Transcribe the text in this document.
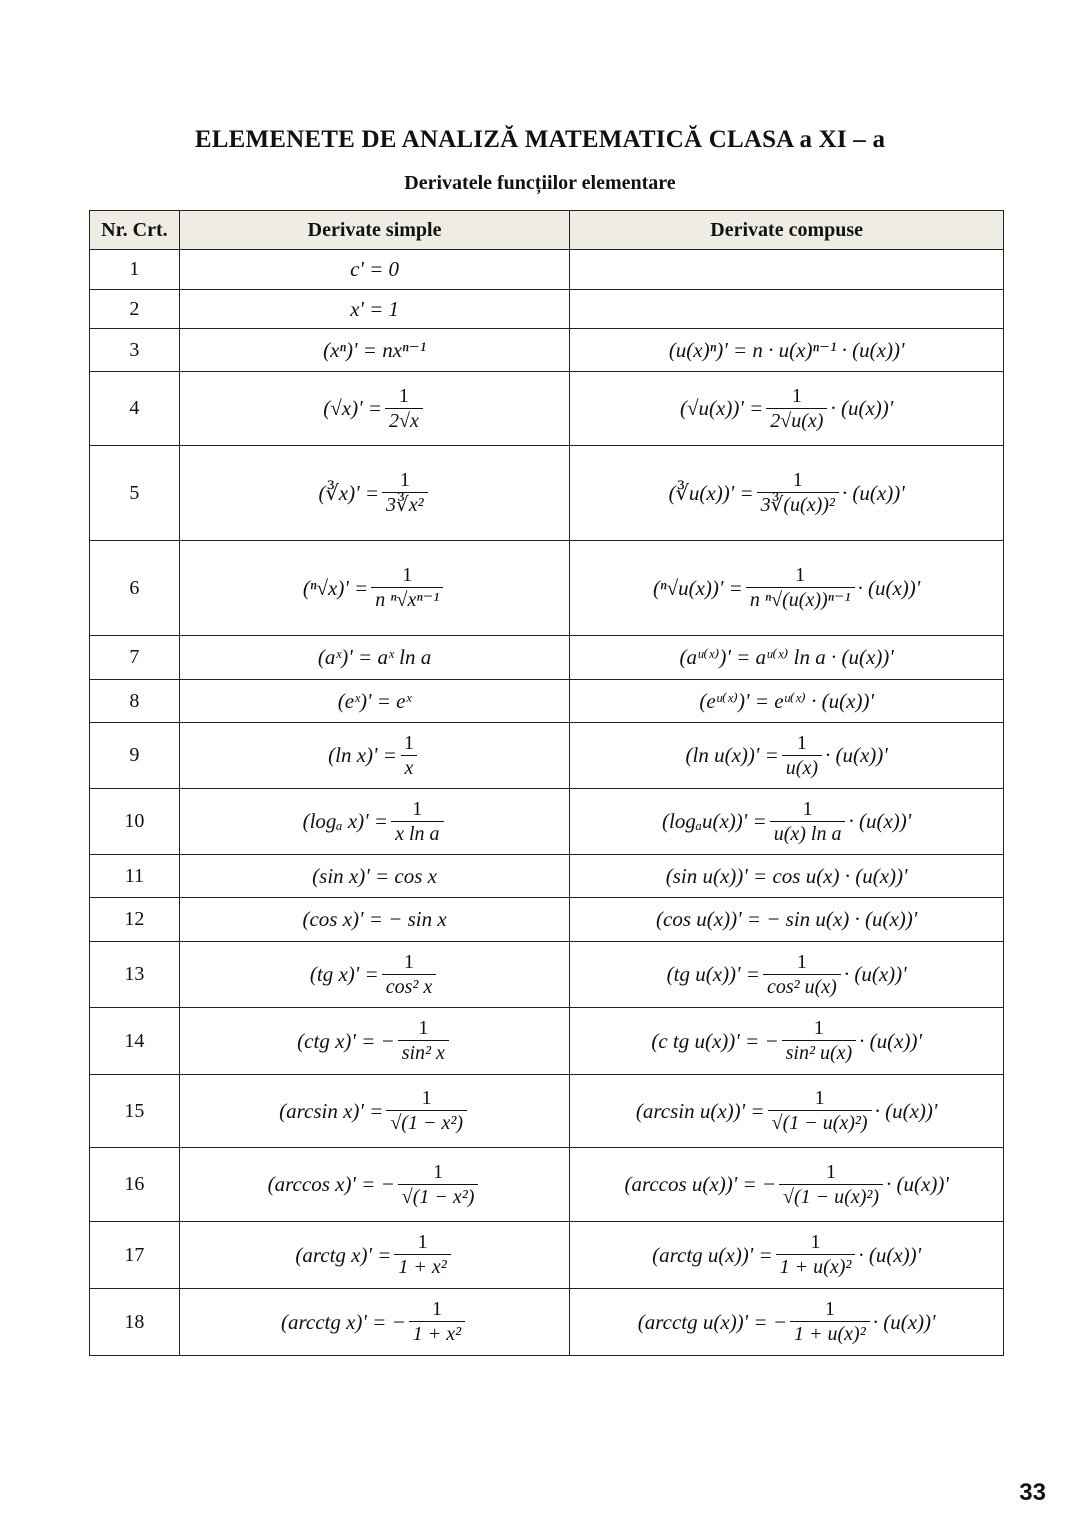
ELEMENETE DE ANALIZĂ MATEMATICĂ CLASA a XI – a
Derivatele funcțiilor elementare
Nr. Crt.	Derivate simple	Derivate compuse
1	c' = 0	

2	x' = 1	

3	(xⁿ)' = nxⁿ⁻¹	(u(x)ⁿ)' = n · u(x)ⁿ⁻¹ · (u(x))'

4	$(√x)' = \frac{1}{2√x}$	$(√u(x))' = \frac{1}{2√u(x)} \cdot (u(x))'$

5	(∛x)' = $\frac{1}{\text{3∛x²}}$	(∛u(x))' = $\frac{1}{\text{3∛(u(x))²}} \cdot (u(x))'$

6	$(^n√x)' = \frac{1}{\text{n ⁿ√xⁿ⁻¹}}$	$(^n√u(x))' = \frac{1}{\text{n ⁿ√(u(x))ⁿ⁻¹}} \cdot (u(x))'$

7	(aˣ)' = aˣ ln a	(aᵘ⁽ˣ⁾)' = aᵘ⁽ˣ⁾ ln a · (u(x))'

8	(eˣ)' = eˣ	(eᵘ⁽ˣ⁾)' = eᵘ⁽ˣ⁾ · (u(x))'

9	(ln $x)' = \frac{1}{x}$	(ln $u(x))' = \frac{1}{u(x)} \cdot (u(x))'$

10	(logₐ $x)' = \frac{1}{\text{x ln a}}$	$(\log_au(x))' = \frac{1}{\text{u(x) ln a}} \cdot (u(x))'$

11	(sin x)' = cos x	(sin u(x))' = cos u(x) · (u(x))'

12	(cos x)' = − sin x	(cos u(x))' = − sin u(x) · (u(x))'

13	(tg $x)' = \frac{1}{\text{cos² x}}$	(tg $u(x))' = \frac{1}{\text{cos² u(x)}} \cdot (u(x))'$

14	(ctg x)' = − $\frac{1}{\text{sin² x}}$	(c tg u(x))' = − $\frac{1}{\text{sin² u(x)}} \cdot (u(x))'$

15	(arcsin $x)' = \frac{1}{\text{√(1 − x²)}}$	(arcsin $u(x))' = \frac{1}{\text{√(1 − u(x)²)}} \cdot (u(x))'$

16	(arccos x)' = − $\frac{1}{\text{√(1 − x²)}}$	(arccos u(x))' = − $\frac{1}{\text{√(1 − u(x)²)}} \cdot (u(x))'$

17	(arctg $x)' = \frac{1}{\text{1 + x²}}$	(arctg $u(x))' = \frac{1}{\text{1 + u(x)²}} \cdot (u(x))'$

18	(arcctg x)' = − $\frac{1}{\text{1 + x²}}$	(arcctg u(x))' = − $\frac{1}{\text{1 + u(x)²}} \cdot (u(x))'$
33
